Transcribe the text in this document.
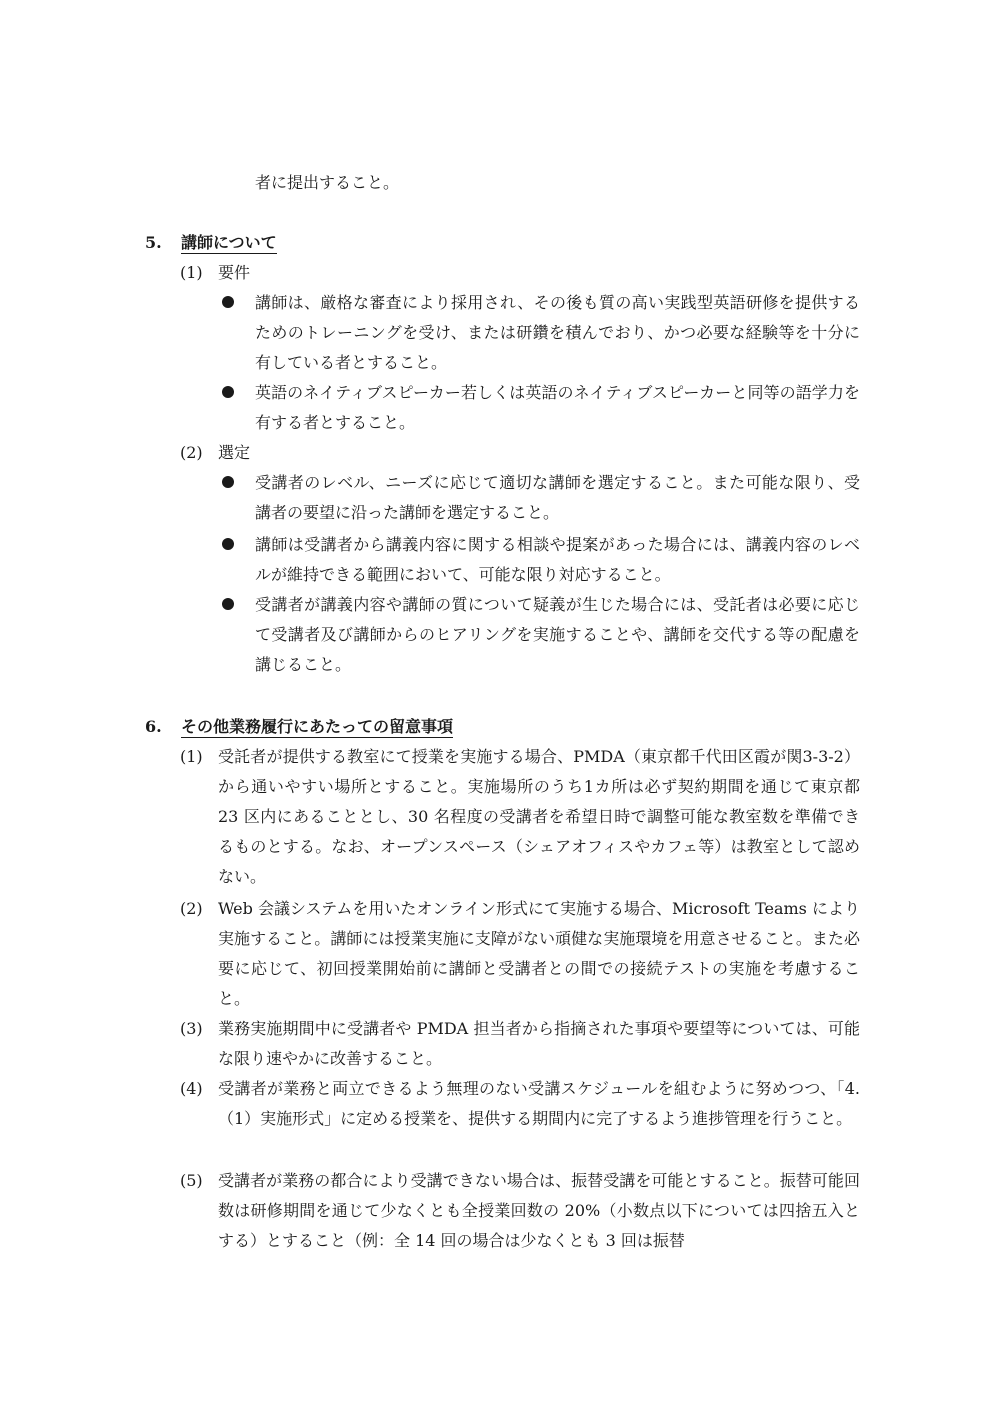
者に提出すること。

5. 講師について

(1) 要件

講師は、厳格な審査により採用され、その後も質の高い実践型英語研修を提供するためのトレーニングを受け、または研鑽を積んでおり、かつ必要な経験等を十分に有している者とすること。
英語のネイティブスピーカー若しくは英語のネイティブスピーカーと同等の語学力を有する者とすること。

(2) 選定

受講者のレベル、ニーズに応じて適切な講師を選定すること。また可能な限り、受講者の要望に沿った講師を選定すること。
講師は受講者から講義内容に関する相談や提案があった場合には、講義内容のレベルが維持できる範囲において、可能な限り対応すること。
受講者が講義内容や講師の質について疑義が生じた場合には、受託者は必要に応じて受講者及び講師からのヒアリングを実施することや、講師を交代する等の配慮を講じること。

6. その他業務履行にあたっての留意事項

(1) 受託者が提供する教室にて授業を実施する場合、PMDA（東京都千代田区霞が関3-3-2）から通いやすい場所とすること。実施場所のうち1カ所は必ず契約期間を通じて東京都 23 区内にあることとし、30 名程度の受講者を希望日時で調整可能な教室数を準備できるものとする。なお、オープンスペース（シェアオフィスやカフェ等）は教室として認めない。
(2) Web 会議システムを用いたオンライン形式にて実施する場合、Microsoft Teams により実施すること。講師には授業実施に支障がない頑健な実施環境を用意させること。また必要に応じて、初回授業開始前に講師と受講者との間での接続テストの実施を考慮すること。
(3) 業務実施期間中に受講者や PMDA 担当者から指摘された事項や要望等については、可能な限り速やかに改善すること。
(4) 受講者が業務と両立できるよう無理のない受講スケジュールを組むように努めつつ、「4.（1）実施形式」に定める授業を、提供する期間内に完了するよう進捗管理を行うこと。
(5) 受講者が業務の都合により受講できない場合は、振替受講を可能とすること。振替可能回数は研修期間を通じて少なくとも全授業回数の 20%（小数点以下については四捨五入とする）とすること（例：全 14 回の場合は少なくとも 3 回は振替
